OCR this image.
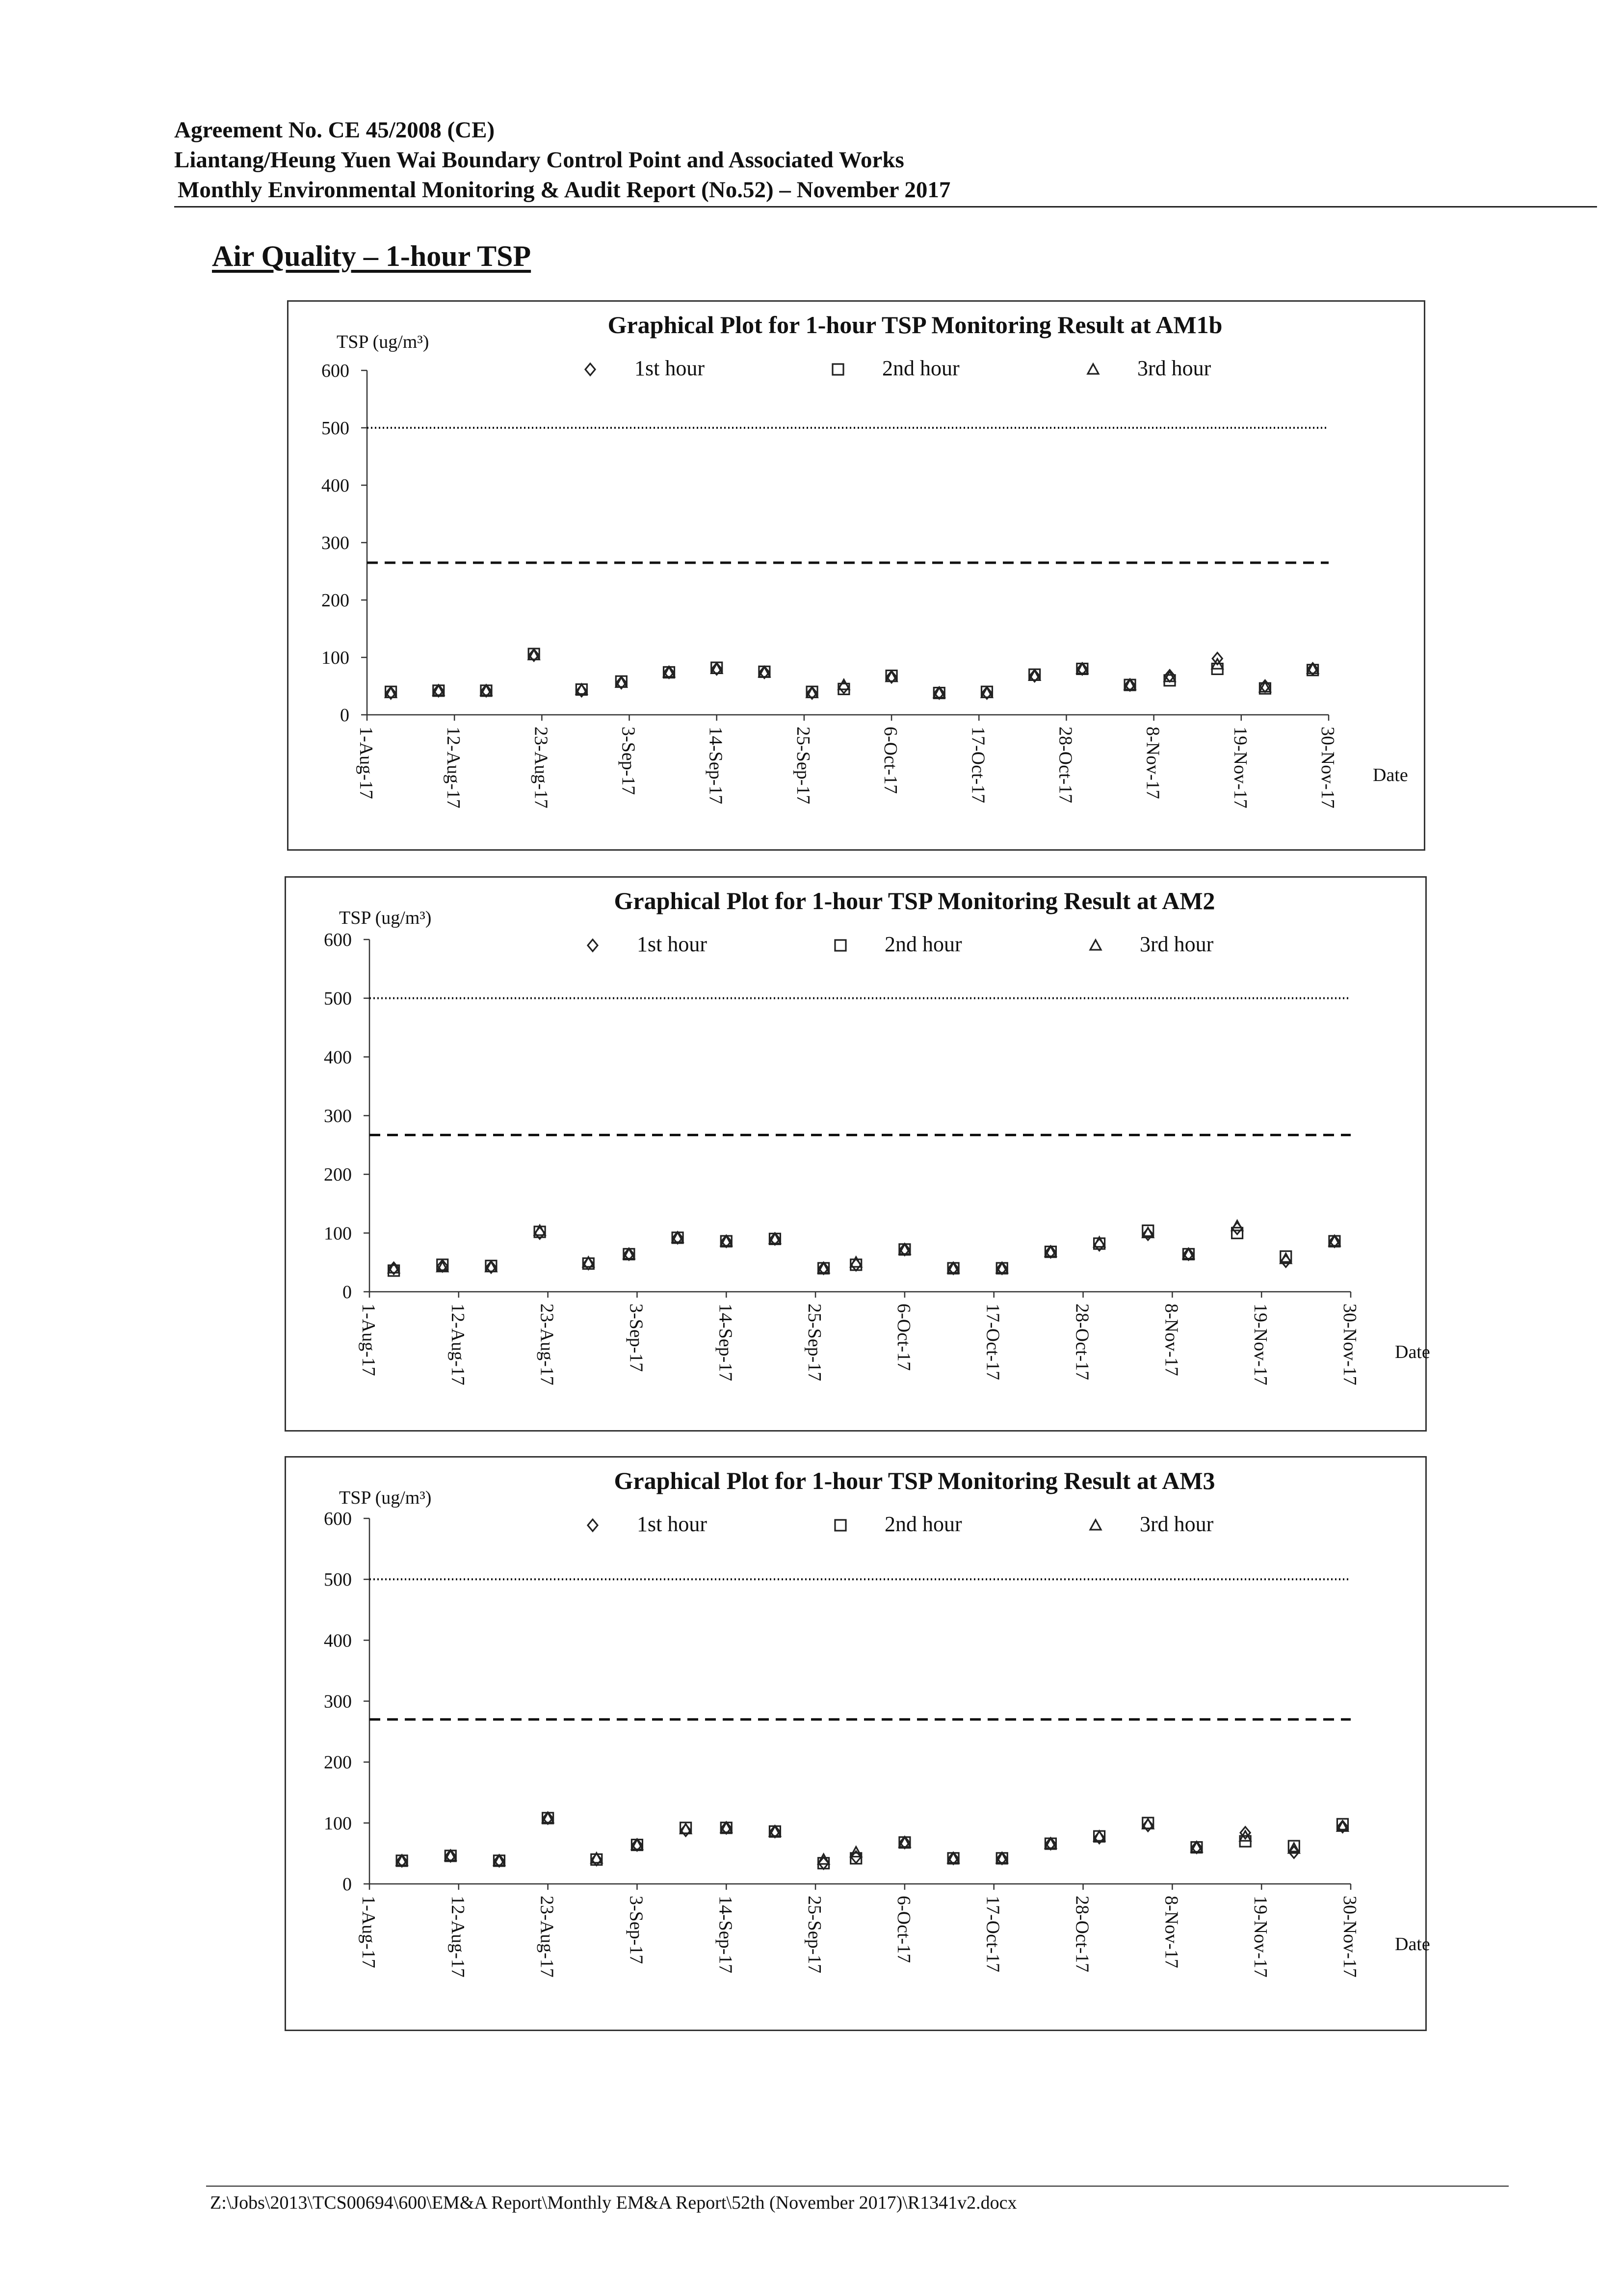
Agreement No. CE 45/2008 (CE)
Liantang/Heung Yuen Wai Boundary Control Point and Associated Works
Monthly Environmental Monitoring & Audit Report (No.52) – November 2017
Air Quality – 1-hour TSP
Graphical Plot for 1-hour TSP Monitoring Result at AM1b
TSP (ug/m³)
0
100
200
300
400
500
600
1-Aug-17	12-Aug-17	23-Aug-17	3-Sep-17	14-Sep-17	25-Sep-17	6-Oct-17	17-Oct-17	28-Oct-17	8-Nov-17	19-Nov-17	30-Nov-17 Date
1st hour	2nd hour	3rd hour
Graphical Plot for 1-hour TSP Monitoring Result at AM2
TSP (ug/m³)
0
100
200
300
400
500
600
1-Aug-17	12-Aug-17	23-Aug-17	3-Sep-17	14-Sep-17	25-Sep-17	6-Oct-17	17-Oct-17	28-Oct-17	8-Nov-17	19-Nov-17	30-Nov-17 Date
1st hour	2nd hour	3rd hour
Graphical Plot for 1-hour TSP Monitoring Result at AM3
TSP (ug/m³)
0
100
200
300
400
500
600
1-Aug-17	12-Aug-17	23-Aug-17	3-Sep-17	14-Sep-17	25-Sep-17	6-Oct-17	17-Oct-17	28-Oct-17	8-Nov-17	19-Nov-17	30-Nov-17 Date
1st hour	2nd hour	3rd hour
Z:\Jobs\2013\TCS00694\600\EM&A Report\Monthly EM&A Report\52th (November 2017)\R1341v2.docx
